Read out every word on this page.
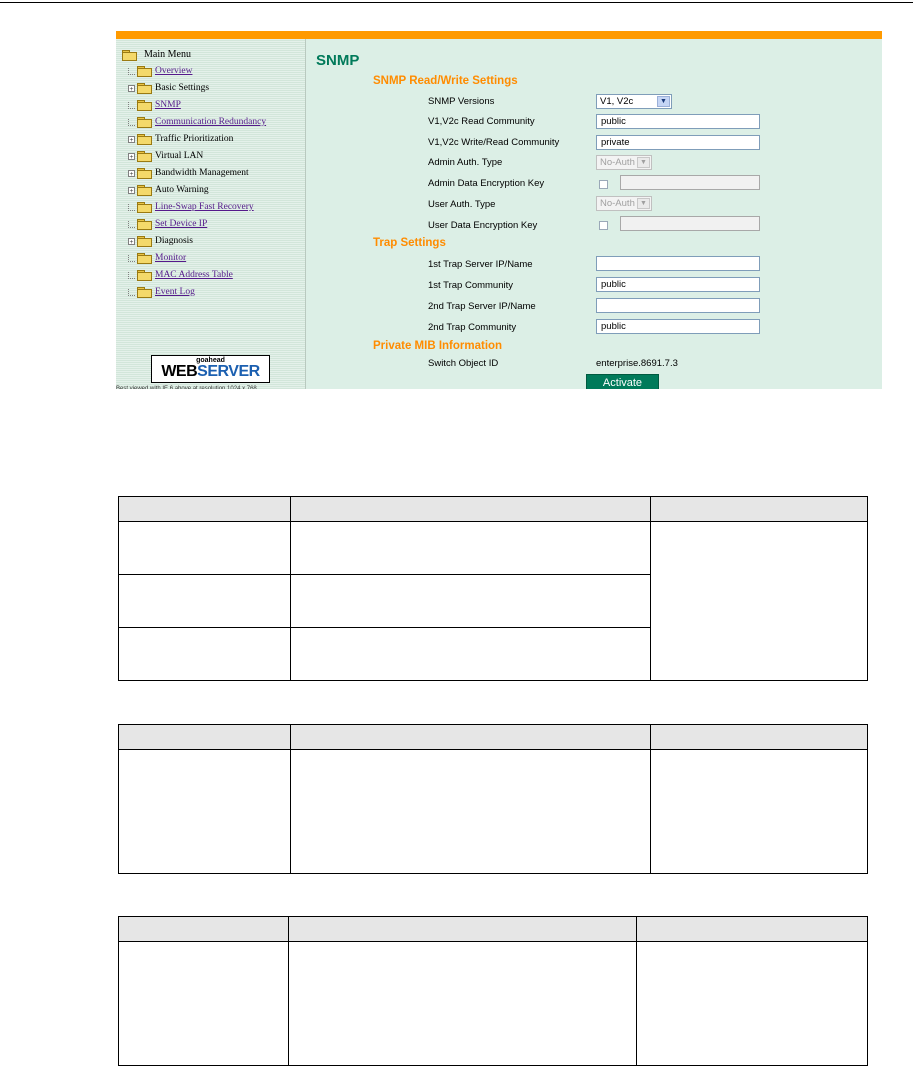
Main Menu
Overview
+ Basic Settings
SNMP
Communication Redundancy
+ Traffic Prioritization
+ Virtual LAN
+ Bandwidth Management
+ Auto Warning
Line-Swap Fast Recovery
Set Device IP
+ Diagnosis
Monitor
MAC Address Table
Event Log
goahead
WEBSERVER
Best viewed with IE 6 above at resolution 1024 x 768
SNMP
SNMP Read/Write Settings
SNMP Versions	V1, V2c	▼
V1,V2c Read Community	public
V1,V2c Write/Read Community	private
Admin Auth. Type	No-Auth ▼
Admin Data Encryption Key
User Auth. Type	No-Auth ▼
User Data Encryption Key
Trap Settings
1st Trap Server IP/Name
1st Trap Community	public
2nd Trap Server IP/Name
2nd Trap Community	public
Private MIB Information
Switch Object ID	enterprise.8691.7.3
Activate
